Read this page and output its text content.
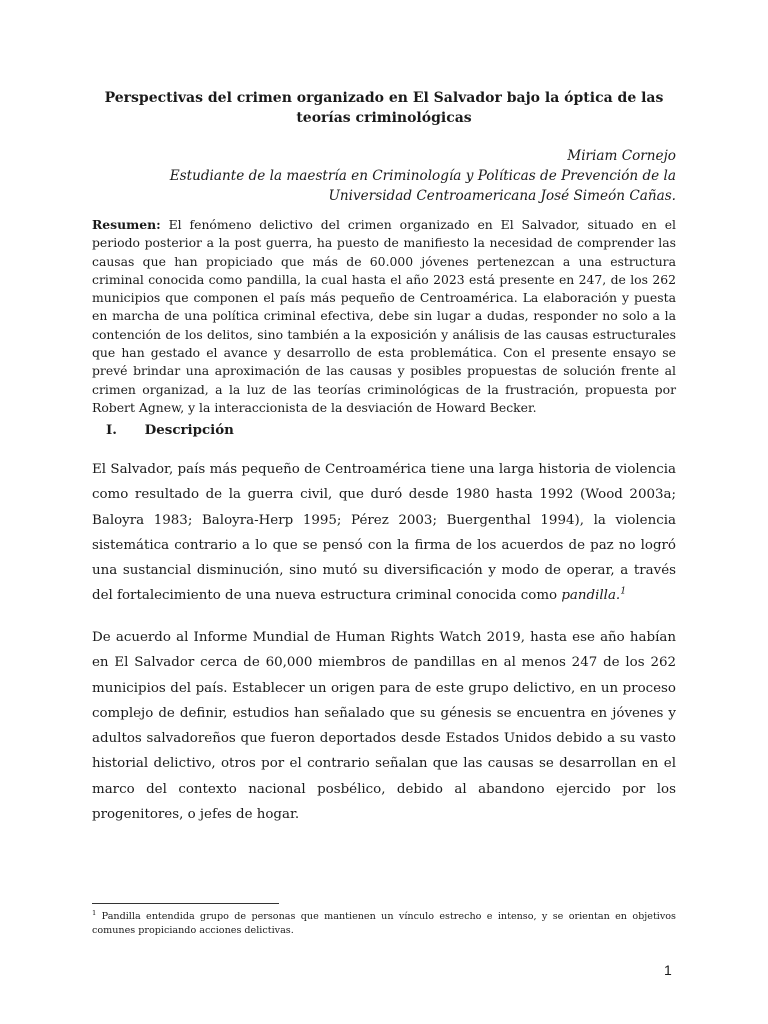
Perspectivas del crimen organizado en El Salvador bajo la óptica de las teorías criminológicas
Miriam Cornejo
Estudiante de la maestría en Criminología y Políticas de Prevención de la Universidad Centroamericana José Simeón Cañas.
Resumen: El fenómeno delictivo del crimen organizado en El Salvador, situado en el periodo posterior a la post guerra, ha puesto de manifiesto la necesidad de comprender las causas que han propiciado que más de 60.000 jóvenes pertenezcan a una estructura criminal conocida como pandilla, la cual hasta el año 2023 está presente en 247, de los 262 municipios que componen el país más pequeño de Centroamérica. La elaboración y puesta en marcha de una política criminal efectiva, debe sin lugar a dudas, responder no solo a la contención de los delitos, sino también a la exposición y análisis de las causas estructurales que han gestado el avance y desarrollo de esta problemática. Con el presente ensayo se prevé brindar una aproximación de las causas y posibles propuestas de solución frente al crimen organizad, a la luz de las teorías criminológicas de la frustración, propuesta por Robert Agnew, y la interaccionista de la desviación de Howard Becker.
I. Descripción
El Salvador, país más pequeño de Centroamérica tiene una larga historia de violencia como resultado de la guerra civil, que duró desde 1980 hasta 1992 (Wood 2003a; Baloyra 1983; Baloyra-Herp 1995; Pérez 2003; Buergenthal 1994), la violencia sistemática contrario a lo que se pensó con la firma de los acuerdos de paz no logró una sustancial disminución, sino mutó su diversificación y modo de operar, a través del fortalecimiento de una nueva estructura criminal conocida como pandilla.$^1$
De acuerdo al Informe Mundial de Human Rights Watch 2019, hasta ese año habían en El Salvador cerca de 60,000 miembros de pandillas en al menos 247 de los 262 municipios del país. Establecer un origen para de este grupo delictivo, en un proceso complejo de definir, estudios han señalado que su génesis se encuentra en jóvenes y adultos salvadoreños que fueron deportados desde Estados Unidos debido a su vasto historial delictivo, otros por el contrario señalan que las causas se desarrollan en el marco del contexto nacional posbélico, debido al abandono ejercido por los progenitores, o jefes de hogar.
$^1$ Pandilla entendida grupo de personas que mantienen un vínculo estrecho e intenso, y se orientan en objetivos comunes propiciando acciones delictivas.
1
